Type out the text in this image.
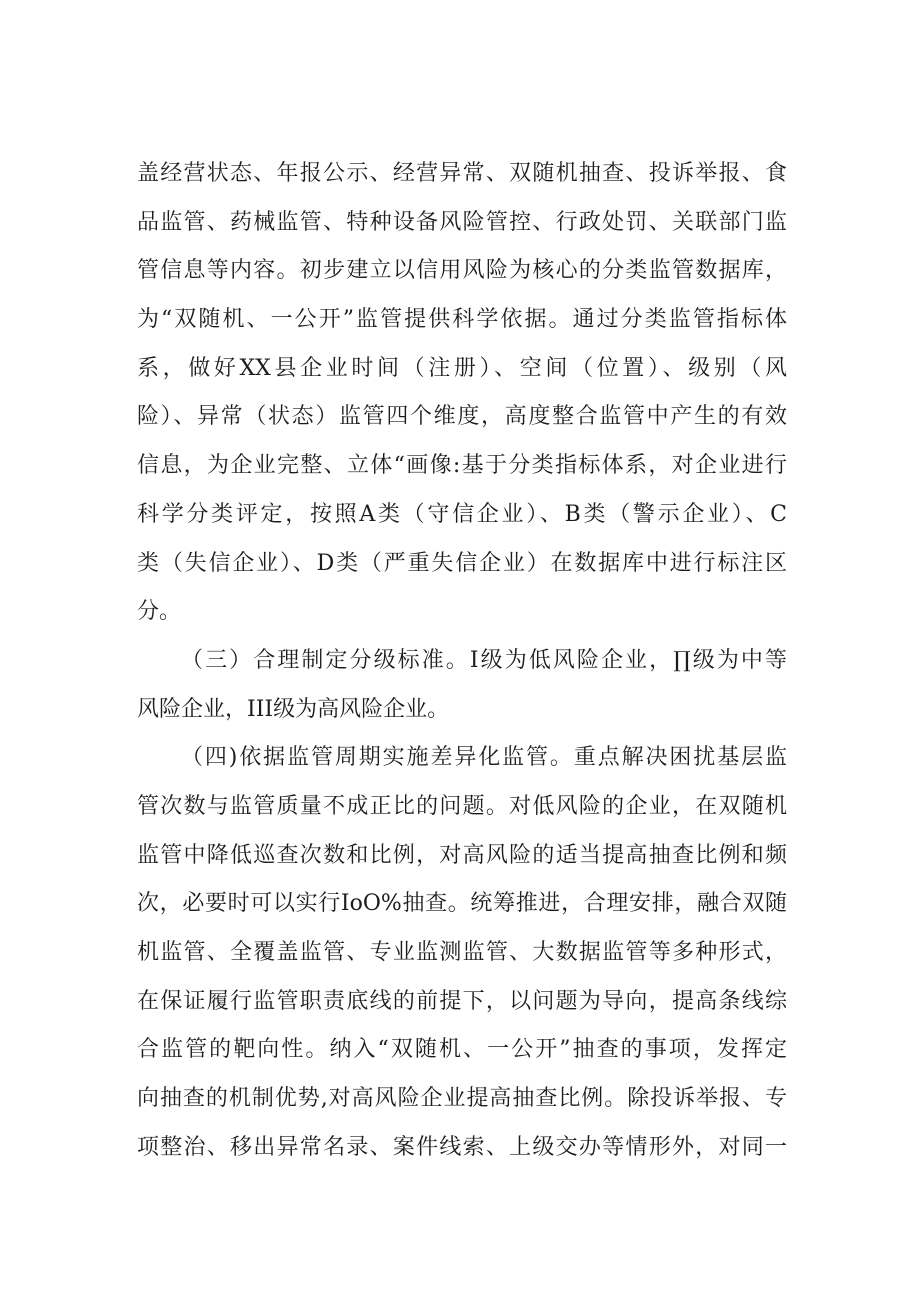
盖经营状态、年报公示、经营异常、双随机抽查、投诉举报、食
品监管、药械监管、特种设备风险管控、行政处罚、关联部门监
管信息等内容。初步建立以信用风险为核心的分类监管数据库，
为“双随机、一公开”监管提供科学依据。通过分类监管指标体
系，做好XX县企业时间（注册）、空间（位置）、级别（风
险）、异常（状态）监管四个维度，高度整合监管中产生的有效
信息，为企业完整、立体“画像:基于分类指标体系，对企业进行
科学分类评定，按照A类（守信企业）、B类（警示企业）、C
类（失信企业）、D类（严重失信企业）在数据库中进行标注区
分。
（三）合理制定分级标准。I级为低风险企业，∏级为中等
风险企业，III级为高风险企业。
（四)依据监管周期实施差异化监管。重点解决困扰基层监
管次数与监管质量不成正比的问题。对低风险的企业，在双随机
监管中降低巡查次数和比例，对高风险的适当提高抽查比例和频
次，必要时可以实行IoO%抽查。统筹推进，合理安排，融合双随
机监管、全覆盖监管、专业监测监管、大数据监管等多种形式，
在保证履行监管职责底线的前提下，以问题为导向，提高条线综
合监管的靶向性。纳入“双随机、一公开”抽查的事项，发挥定
向抽查的机制优势,对高风险企业提高抽查比例。除投诉举报、专
项整治、移出异常名录、案件线索、上级交办等情形外，对同一
